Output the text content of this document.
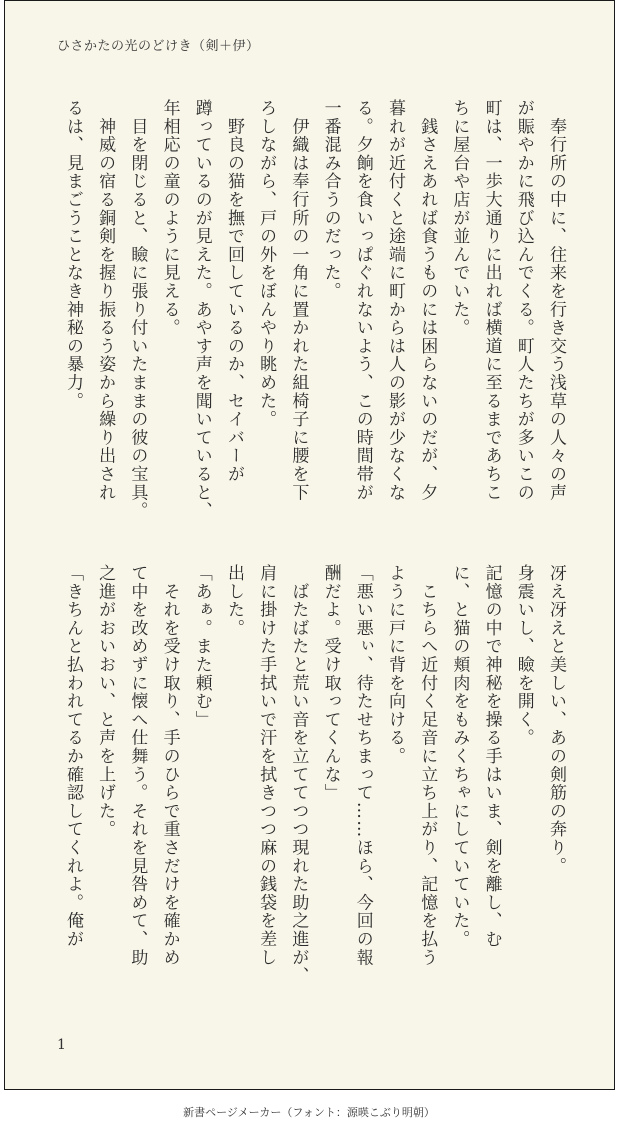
ひさかたの光のどけき（剣＋伊）
　奉行所の中に、往来を行き交う浅草の人々の声
が賑やかに飛び込んでくる。町人たちが多いこの
町は、一歩大通りに出れば横道に至るまであちこ
ちに屋台や店が並んでいた。
　銭さえあれば食うものには困らないのだが、夕
暮れが近付くと途端に町からは人の影が少なくな
る。夕餉を食いっぱぐれないよう、この時間帯が
一番混み合うのだった。
　伊織は奉行所の一角に置かれた組椅子に腰を下
ろしながら、戸の外をぼんやり眺めた。
　野良の猫を撫で回しているのか、セイバーが
蹲っているのが見えた。あやす声を聞いていると、
年相応の童のように見える。
　目を閉じると、瞼に張り付いたままの彼の宝具。
　神威の宿る銅剣を握り振るう姿から繰り出され
るは、見まごうことなき神秘の暴力。
冴え冴えと美しい、あの剣筋の奔り。
身震いし、瞼を開く。
記憶の中で神秘を操る手はいま、剣を離し、む
に、と猫の頬肉をもみくちゃにしていていた。
　こちらへ近付く足音に立ち上がり、記憶を払う
ように戸に背を向ける。
「悪い悪ぃ、待たせちまって……ほら、今回の報
酬だよ。受け取ってくんな」
　ばたばたと荒い音を立ててつつ現れた助之進が、
肩に掛けた手拭いで汗を拭きつつ麻の銭袋を差し
出した。
「あぁ。また頼む」
　それを受け取り、手のひらで重さだけを確かめ
て中を改めずに懐へ仕舞う。それを見咎めて、助
之進がおいおい、と声を上げた。
「きちんと払われてるか確認してくれよ。俺が
1
新書ページメーカー（フォント：源暎こぶり明朝）
